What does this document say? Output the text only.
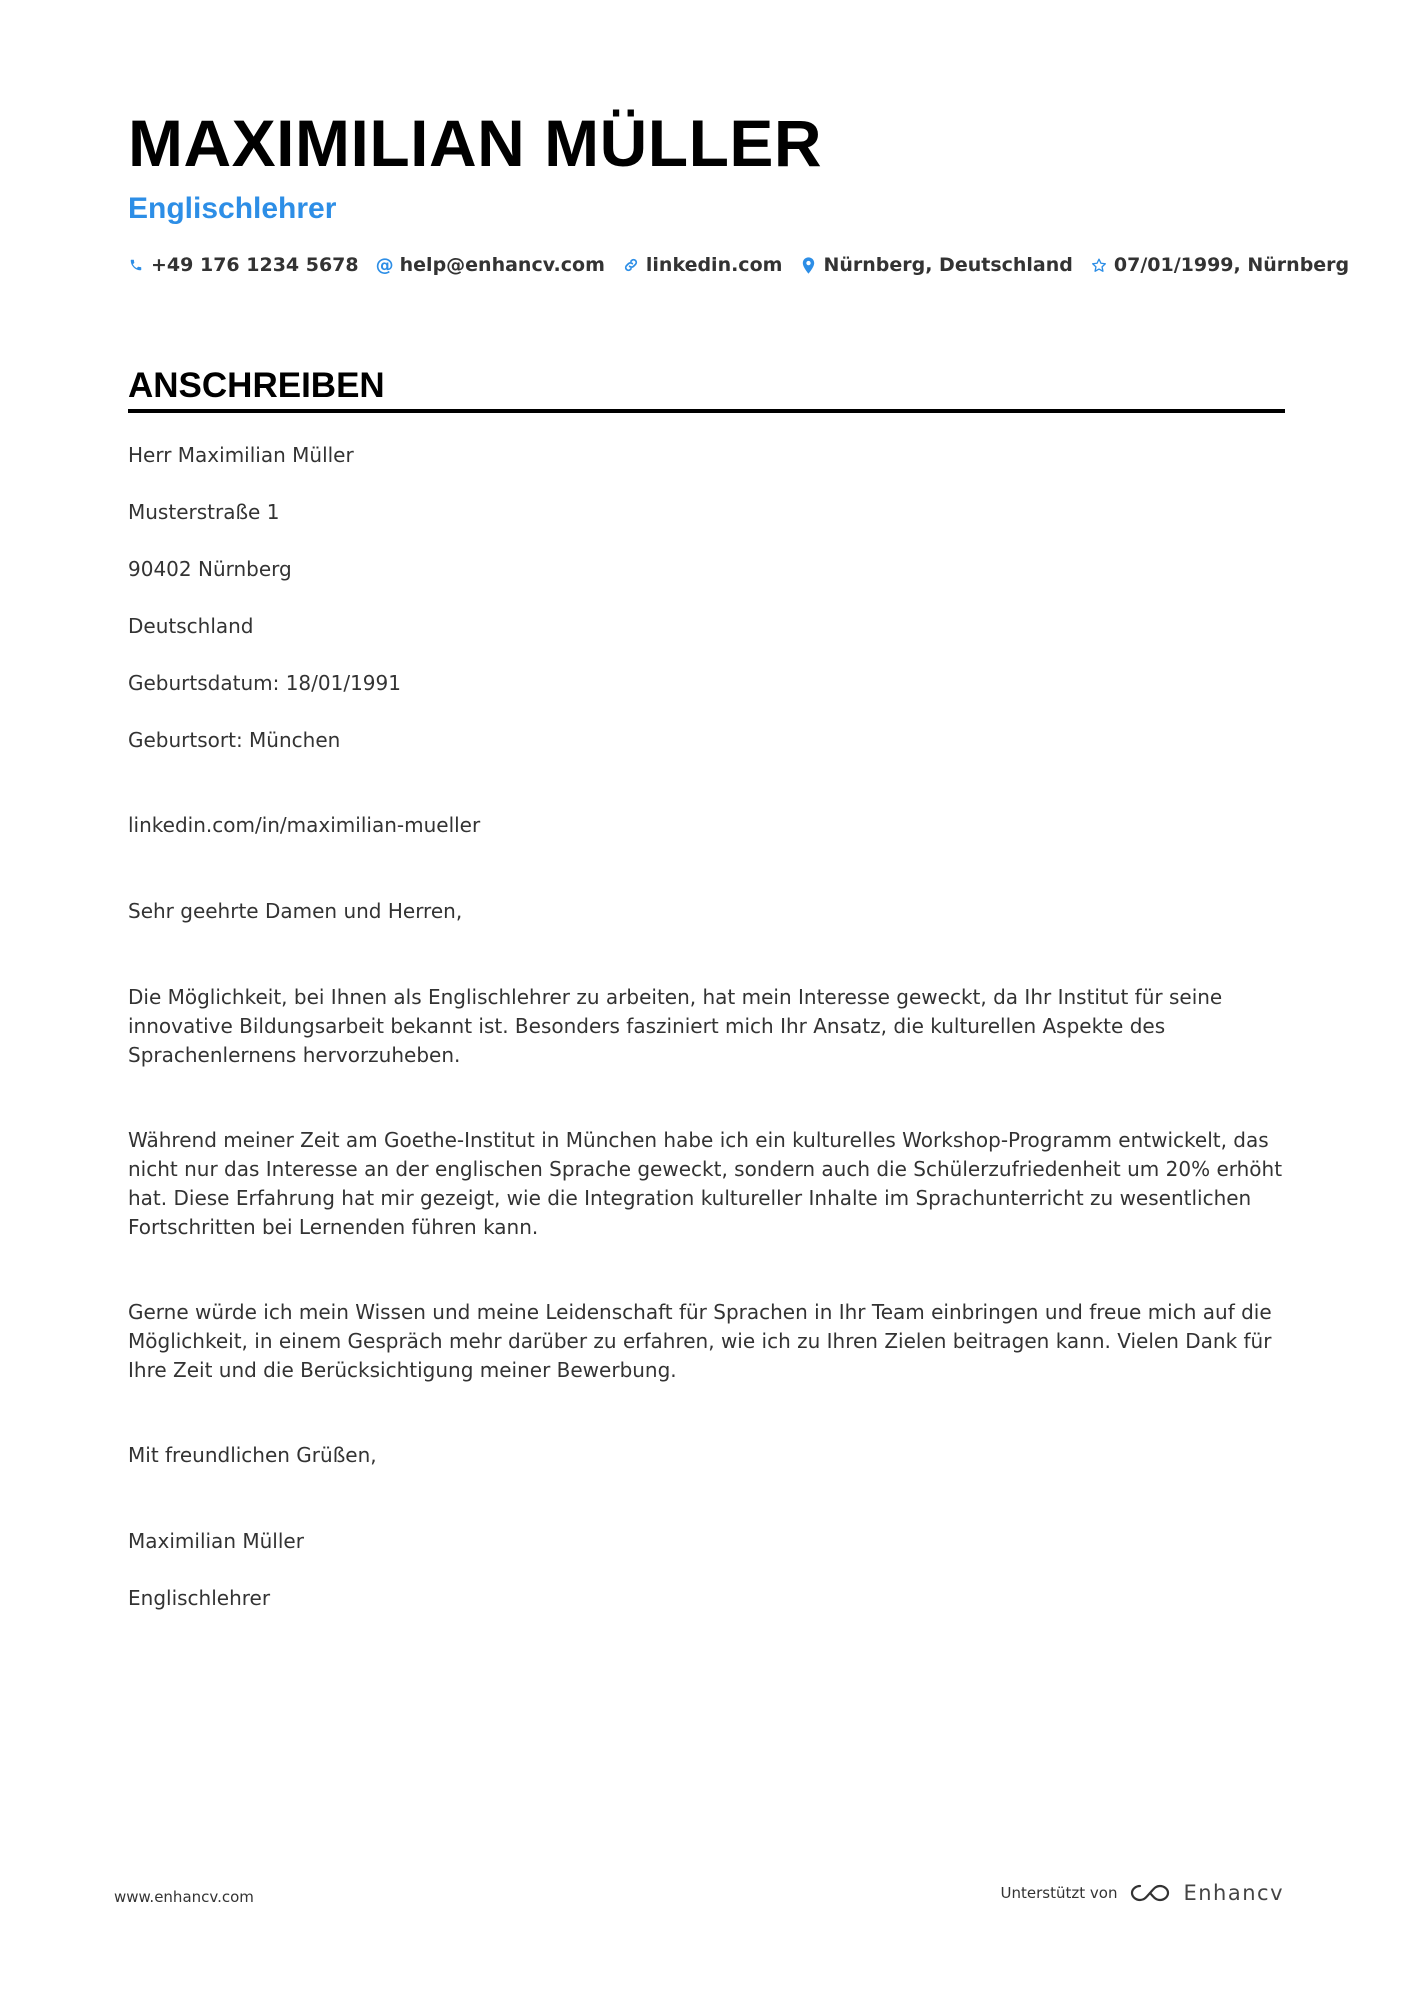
MAXIMILIAN MÜLLER
Englischlehrer
+49 176 1234 5678 @ help@enhancv.com linkedin.com Nürnberg, Deutschland 07/01/1999, Nürnberg
ANSCHREIBEN

Herr Maximilian Müller

Musterstraße 1

90402 Nürnberg

Deutschland

Geburtsdatum: 18/01/1991

Geburtsort: München

linkedin.com/in/maximilian-mueller

Sehr geehrte Damen und Herren,

Die Möglichkeit, bei Ihnen als Englischlehrer zu arbeiten, hat mein Interesse geweckt, da Ihr Institut für seine innovative Bildungsarbeit bekannt ist. Besonders fasziniert mich Ihr Ansatz, die kulturellen Aspekte des Sprachenlernens hervorzuheben.

Während meiner Zeit am Goethe-Institut in München habe ich ein kulturelles Workshop-Programm entwickelt, das nicht nur das Interesse an der englischen Sprache geweckt, sondern auch die Schülerzufriedenheit um 20% erhöht hat. Diese Erfahrung hat mir gezeigt, wie die Integration kultureller Inhalte im Sprachunterricht zu wesentlichen Fortschritten bei Lernenden führen kann.

Gerne würde ich mein Wissen und meine Leidenschaft für Sprachen in Ihr Team einbringen und freue mich auf die Möglichkeit, in einem Gespräch mehr darüber zu erfahren, wie ich zu Ihren Zielen beitragen kann. Vielen Dank für Ihre Zeit und die Berücksichtigung meiner Bewerbung.

Mit freundlichen Grüßen,

Maximilian Müller

Englischlehrer

www.enhancv.com	Unterstützt von	Enhancv
